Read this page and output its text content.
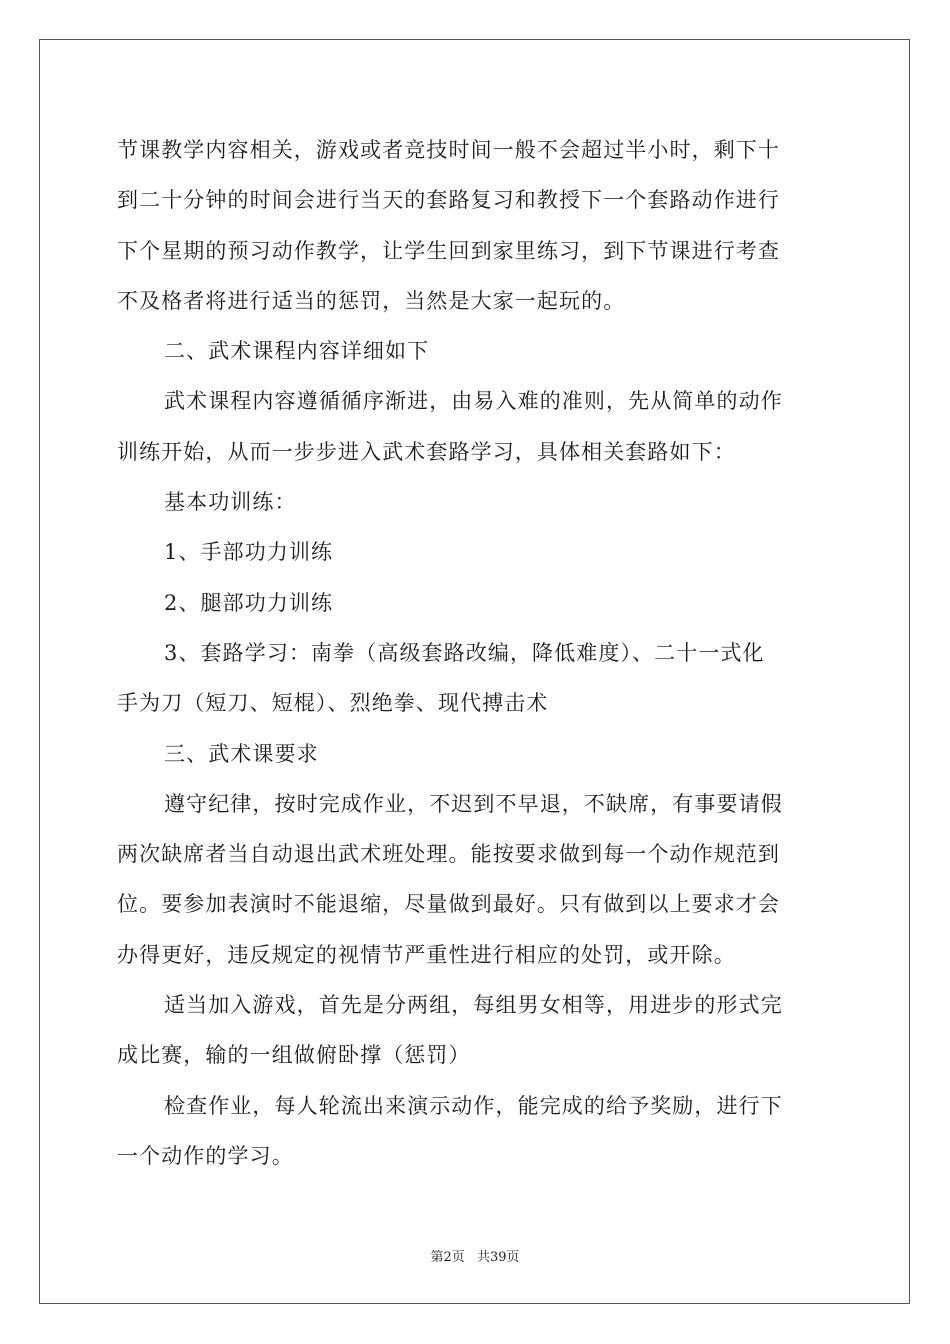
节课教学内容相关，游戏或者竞技时间一般不会超过半小时，剩下十
到二十分钟的时间会进行当天的套路复习和教授下一个套路动作进行
下个星期的预习动作教学，让学生回到家里练习，到下节课进行考查
不及格者将进行适当的惩罚，当然是大家一起玩的。
二、武术课程内容详细如下
武术课程内容遵循循序渐进，由易入难的准则，先从简单的动作
训练开始，从而一步步进入武术套路学习，具体相关套路如下：
基本功训练：
1、手部功力训练
2、腿部功力训练
3、套路学习：南拳（高级套路改编，降低难度）、二十一式化
手为刀（短刀、短棍）、烈绝拳、现代搏击术
三、武术课要求
遵守纪律，按时完成作业，不迟到不早退，不缺席，有事要请假
两次缺席者当自动退出武术班处理。能按要求做到每一个动作规范到
位。要参加表演时不能退缩，尽量做到最好。只有做到以上要求才会
办得更好，违反规定的视情节严重性进行相应的处罚，或开除。
适当加入游戏，首先是分两组，每组男女相等，用进步的形式完
成比赛，输的一组做俯卧撑（惩罚）
检查作业，每人轮流出来演示动作，能完成的给予奖励，进行下
一个动作的学习。
第2页 共39页
